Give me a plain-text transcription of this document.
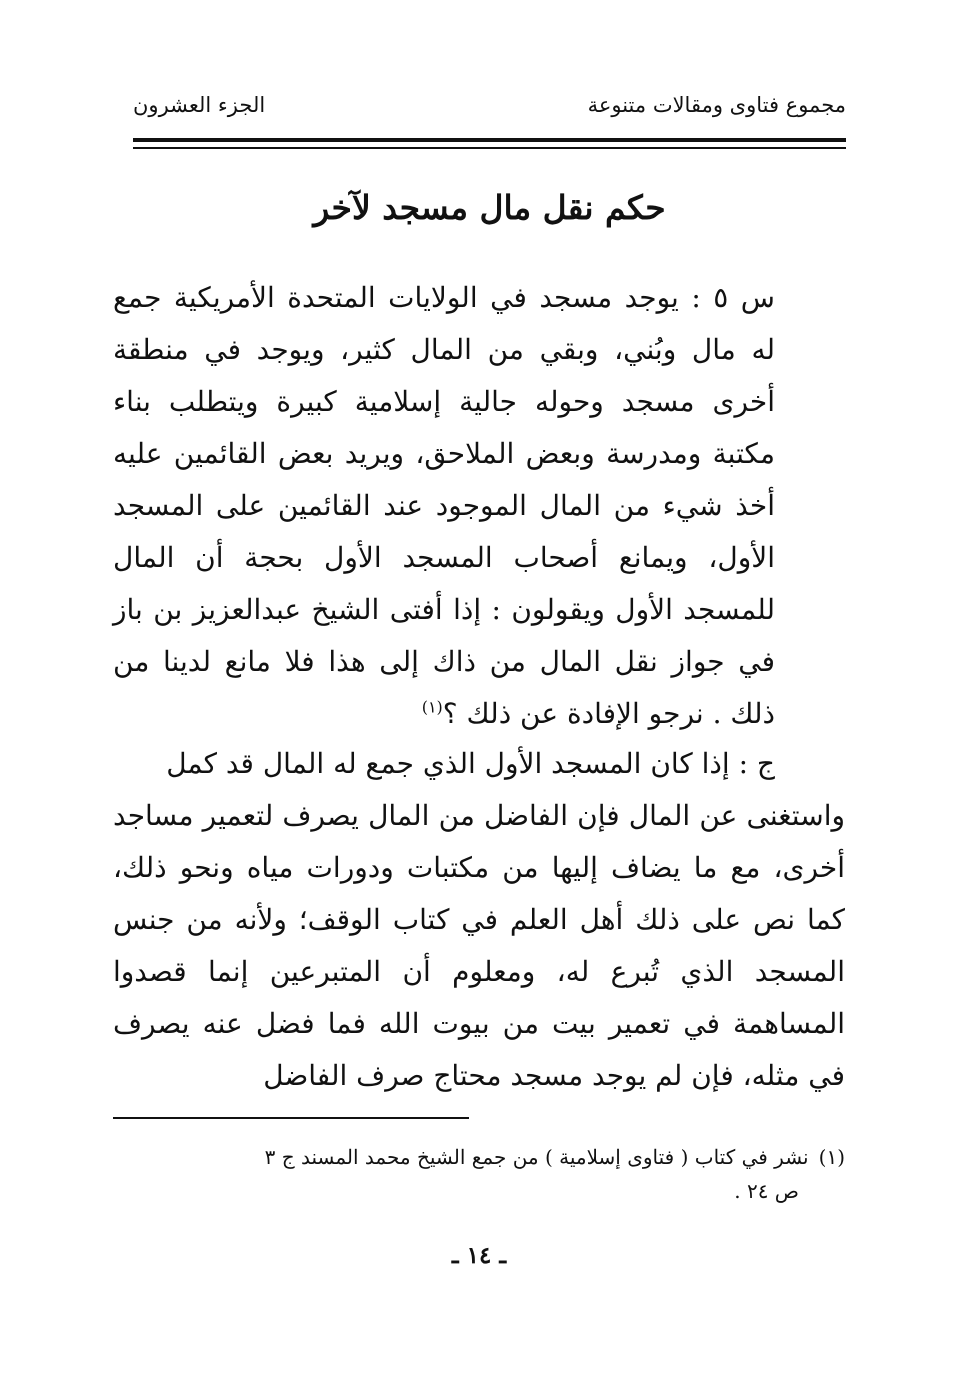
مجموع فتاوى ومقالات متنوعة
الجزء العشرون
حكم نقل مال مسجد لآخر
س ٥ : يوجد مسجد في الولايات المتحدة الأمريكية جمع له مال وبُني، وبقي من المال كثير، ويوجد في منطقة أخرى مسجد وحوله جالية إسلامية كبيرة ويتطلب بناء مكتبة ومدرسة وبعض الملاحق، ويريد بعض القائمين عليه أخذ شيء من المال الموجود عند القائمين على المسجد الأول، ويمانع أصحاب المسجد الأول بحجة أن المال للمسجد الأول ويقولون : إذا أفتى الشيخ عبدالعزيز بن باز في جواز نقل المال من ذاك إلى هذا فلا مانع لدينا من ذلك . نرجو الإفادة عن ذلك ؟$^{(١)}$
ج : إذا كان المسجد الأول الذي جمع له المال قد كمل
واستغنى عن المال فإن الفاضل من المال يصرف لتعمير مساجد أخرى، مع ما يضاف إليها من مكتبات ودورات مياه ونحو ذلك، كما نص على ذلك أهل العلم في كتاب الوقف؛ ولأنه من جنس المسجد الذي تُبرع له، ومعلوم أن المتبرعين إنما قصدوا المساهمة في تعمير بيت من بيوت الله فما فضل عنه يصرف في مثله، فإن لم يوجد مسجد محتاج صرف الفاضل
(١)نشر في كتاب ( فتاوى إسلامية ) من جمع الشيخ محمد المسند ج ٣
ص ٢٤ .
ـ ١٤ ـ
